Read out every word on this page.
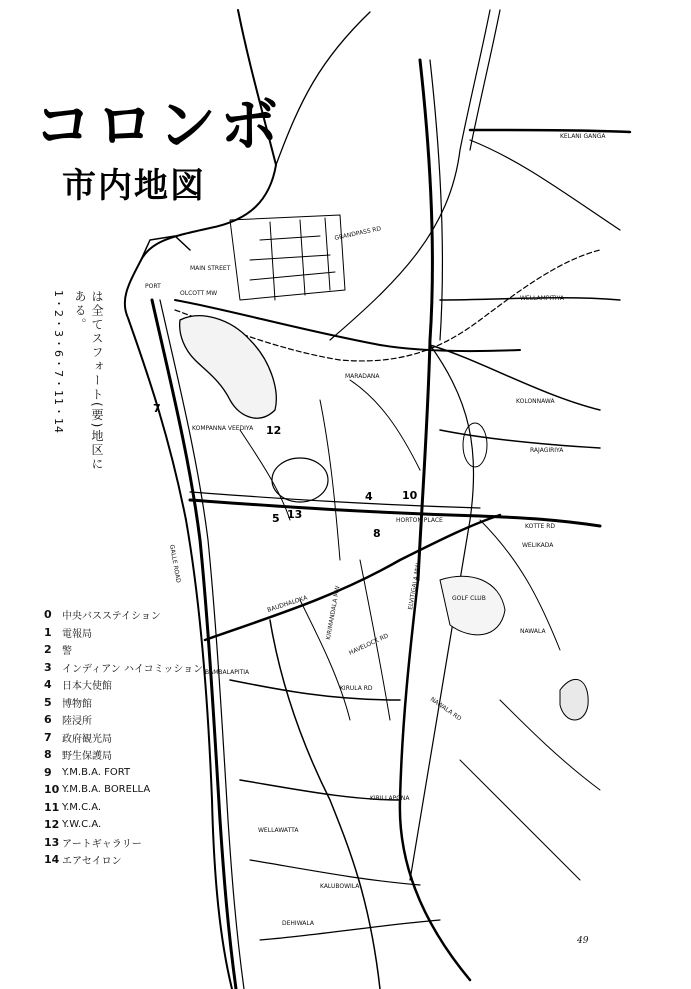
コロンボ
市内地図
1・2・3・6・7・11・14	は全てスフォート(要)地区にある。
PORT
MAIN STREET
OLCOTT MW
GRANDPASS RD
KELANI GANGA
WELLAMPITIYA
KOLONNAWA
RAJAGIRIYA
MARADANA
KOMPANNA VEEDIYA
HORTON PLACE
GALLE ROAD
BAUDHALOKA
BAMBALAPITIA
KIRULA RD
KIRILLAPONA
WELLAWATTA
WELIKADA
NAWALA
KALUBOWILA
DEHIWALA
GOLF CLUB
ELVITIGALA MW
KOTTE RD
NAWALA RD
KIRIMANDALA MW
HAVELOCK RD
7
12
4	10
5 13
8
0	中央バスステイション
1	電報局
2	警
3	インディアン ハイコミッション
4	日本大使館
5	博物館
6	陸浸所
7	政府観光局
8	野生保護局
9	Y.M.B.A. FORT
10 Y.M.B.A. BORELLA
11 Y.M.C.A.
12 Y.W.C.A.
13 アートギャラリー
14 エアセイロン
49
